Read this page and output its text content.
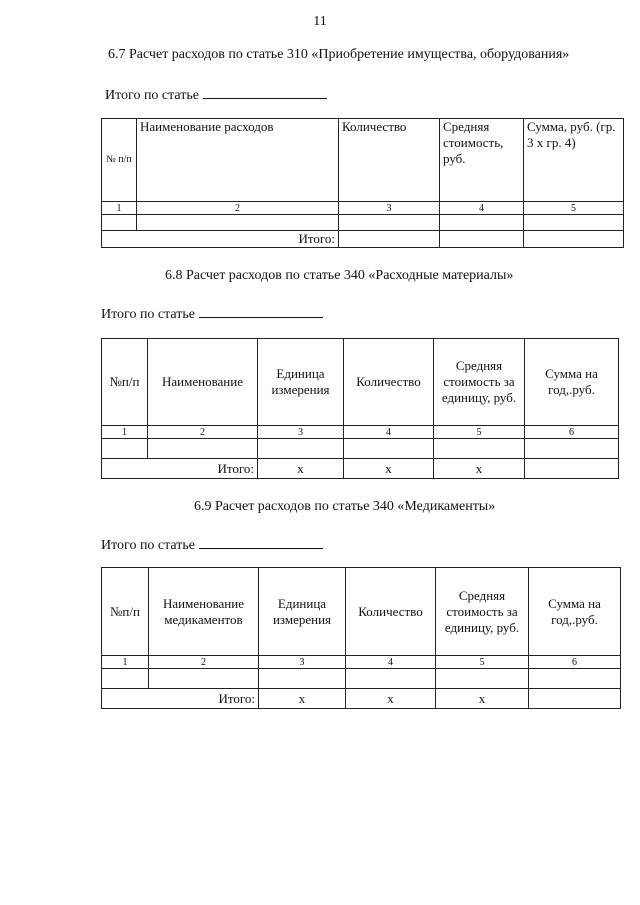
11
6.7 Расчет расходов по статье 310 «Приобретение имущества, оборудования»
Итого по статье
№ п/п	Наименование расходов	Количество	Средняя стоимость, руб.	Сумма, руб. (гр. 3 х гр. 4)
1	2	3	4	5

	Итого:			
6.8 Расчет расходов по статье 340 «Расходные материалы»
Итого по статье
№п/п	Наименование	Единица измерения	Количество	Средняя стоимость за единицу, руб.	Сумма на год,.руб.
1	2	3	4	5	6

	Итого:	х	х	х	
6.9 Расчет расходов по статье 340 «Медикаменты»
Итого по статье
№п/п	Наименование медикаментов	Единица измерения	Количество	Средняя стоимость за единицу, руб.	Сумма на год,.руб.
1	2	3	4	5	6

	Итого:	х	х	х	
